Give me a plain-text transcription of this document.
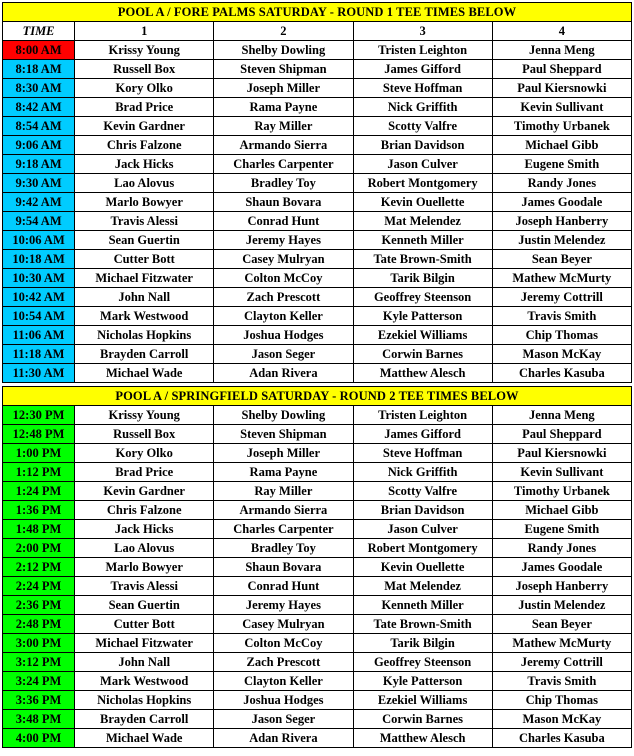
POOL A / FORE PALMS SATURDAY - ROUND 1 TEE TIMES BELOW				
TIME	1	2	3	4
8:00 AM	Krissy Young	Shelby Dowling	Tristen Leighton	Jenna Meng
8:18 AM	Russell Box	Steven Shipman	James Gifford	Paul Sheppard
8:30 AM	Kory Olko	Joseph Miller	Steve Hoffman	Paul Kiersnowki
8:42 AM	Brad Price	Rama Payne	Nick Griffith	Kevin Sullivant
8:54 AM	Kevin Gardner	Ray Miller	Scotty Valfre	Timothy Urbanek
9:06 AM	Chris Falzone	Armando Sierra	Brian Davidson	Michael Gibb
9:18 AM	Jack Hicks	Charles Carpenter	Jason Culver	Eugene Smith
9:30 AM	Lao Alovus	Bradley Toy	Robert Montgomery	Randy Jones
9:42 AM	Marlo Bowyer	Shaun Bovara	Kevin Ouellette	James Goodale
9:54 AM	Travis Alessi	Conrad Hunt	Mat Melendez	Joseph Hanberry
10:06 AM	Sean Guertin	Jeremy Hayes	Kenneth Miller	Justin Melendez
10:18 AM	Cutter Bott	Casey Mulryan	Tate Brown-Smith	Sean Beyer
10:30 AM	Michael Fitzwater	Colton McCoy	Tarik Bilgin	Mathew McMurty
10:42 AM	John Nall	Zach Prescott	Geoffrey Steenson	Jeremy Cottrill
10:54 AM	Mark Westwood	Clayton Keller	Kyle Patterson	Travis Smith
11:06 AM	Nicholas Hopkins	Joshua Hodges	Ezekiel Williams	Chip Thomas
11:18 AM	Brayden Carroll	Jason Seger	Corwin Barnes	Mason McKay
11:30 AM	Michael Wade	Adan Rivera	Matthew Alesch	Charles Kasuba
POOL A / SPRINGFIELD SATURDAY - ROUND 2 TEE TIMES BELOW				
12:30 PM	Krissy Young	Shelby Dowling	Tristen Leighton	Jenna Meng
12:48 PM	Russell Box	Steven Shipman	James Gifford	Paul Sheppard
1:00 PM	Kory Olko	Joseph Miller	Steve Hoffman	Paul Kiersnowki
1:12 PM	Brad Price	Rama Payne	Nick Griffith	Kevin Sullivant
1:24 PM	Kevin Gardner	Ray Miller	Scotty Valfre	Timothy Urbanek
1:36 PM	Chris Falzone	Armando Sierra	Brian Davidson	Michael Gibb
1:48 PM	Jack Hicks	Charles Carpenter	Jason Culver	Eugene Smith
2:00 PM	Lao Alovus	Bradley Toy	Robert Montgomery	Randy Jones
2:12 PM	Marlo Bowyer	Shaun Bovara	Kevin Ouellette	James Goodale
2:24 PM	Travis Alessi	Conrad Hunt	Mat Melendez	Joseph Hanberry
2:36 PM	Sean Guertin	Jeremy Hayes	Kenneth Miller	Justin Melendez
2:48 PM	Cutter Bott	Casey Mulryan	Tate Brown-Smith	Sean Beyer
3:00 PM	Michael Fitzwater	Colton McCoy	Tarik Bilgin	Mathew McMurty
3:12 PM	John Nall	Zach Prescott	Geoffrey Steenson	Jeremy Cottrill
3:24 PM	Mark Westwood	Clayton Keller	Kyle Patterson	Travis Smith
3:36 PM	Nicholas Hopkins	Joshua Hodges	Ezekiel Williams	Chip Thomas
3:48 PM	Brayden Carroll	Jason Seger	Corwin Barnes	Mason McKay
4:00 PM	Michael Wade	Adan Rivera	Matthew Alesch	Charles Kasuba
